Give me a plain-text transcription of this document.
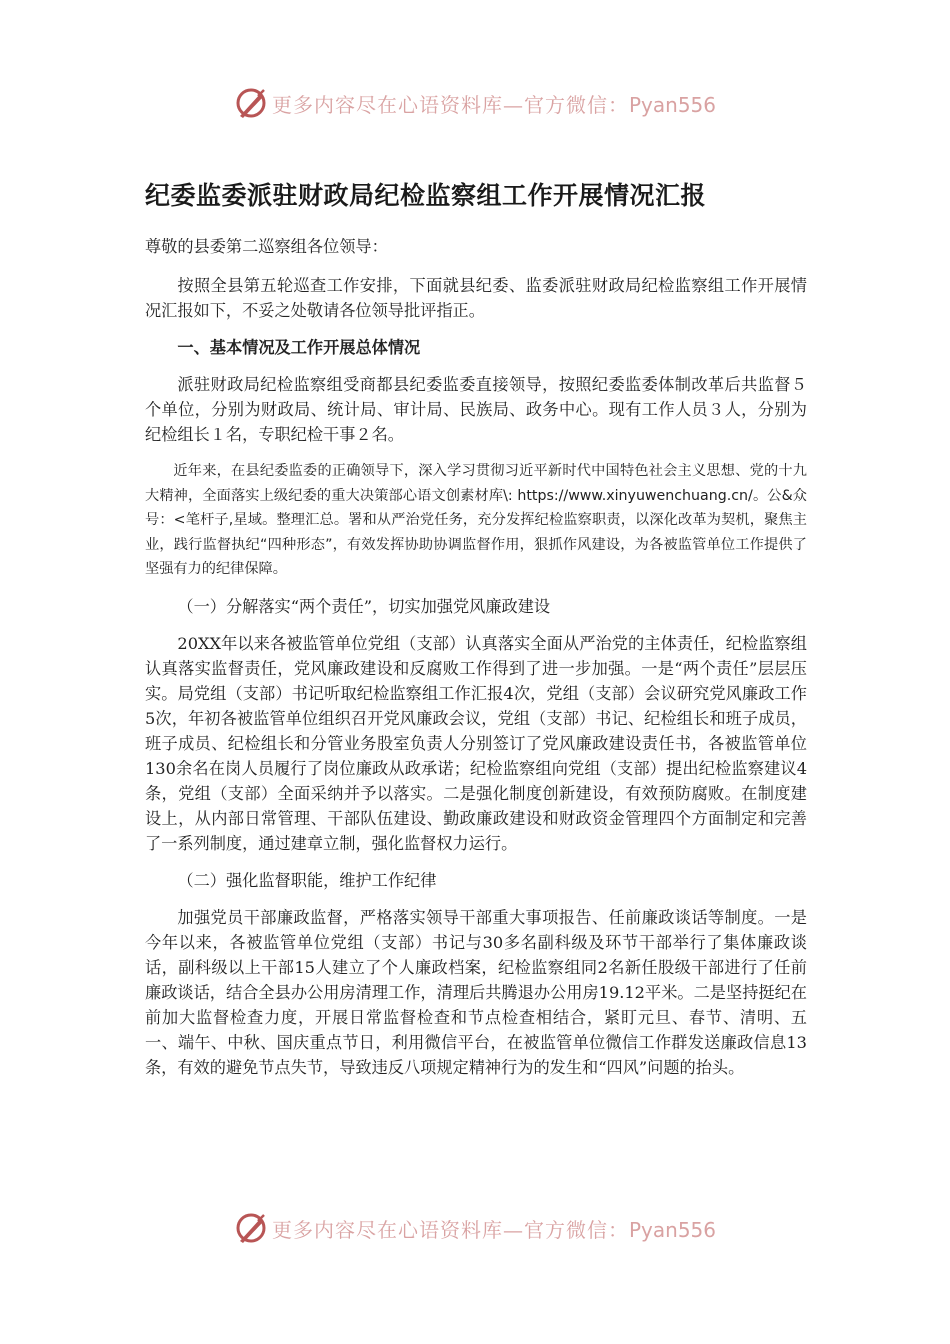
更多内容尽在心语资料库—官方微信：Pyan556
纪委监委派驻财政局纪检监察组工作开展情况汇报

尊敬的县委第二巡察组各位领导：

按照全县第五轮巡查工作安排，下面就县纪委、监委派驻财政局纪检监察组工作开展情况汇报如下，不妥之处敬请各位领导批评指正。

一、基本情况及工作开展总体情况

派驻财政局纪检监察组受商都县纪委监委直接领导，按照纪委监委体制改革后共监督５个单位，分别为财政局、统计局、审计局、民族局、政务中心。现有工作人员３人，分别为纪检组长１名，专职纪检干事２名。

近年来，在县纪委监委的正确领导下，深入学习贯彻习近平新时代中国特色社会主义思想、党的十九大精神，全面落实上级纪委的重大决策部心语文创素材库\: https://www.xinyuwenchuang.cn/。公&众号：<笔杆子,星域。整理汇总。署和从严治党任务，充分发挥纪检监察职责，以深化改革为契机，聚焦主业，践行监督执纪“四种形态”，有效发挥协助协调监督作用，狠抓作风建设，为各被监管单位工作提供了坚强有力的纪律保障。

（一）分解落实“两个责任”，切实加强党风廉政建设

20XX年以来各被监管单位党组（支部）认真落实全面从严治党的主体责任，纪检监察组认真落实监督责任，党风廉政建设和反腐败工作得到了进一步加强。一是“两个责任”层层压实。局党组（支部）书记听取纪检监察组工作汇报4次，党组（支部）会议研究党风廉政工作5次，年初各被监管单位组织召开党风廉政会议，党组（支部）书记、纪检组长和班子成员，班子成员、纪检组长和分管业务股室负责人分别签订了党风廉政建设责任书，各被监管单位130余名在岗人员履行了岗位廉政从政承诺；纪检监察组向党组（支部）提出纪检监察建议4条，党组（支部）全面采纳并予以落实。二是强化制度创新建设，有效预防腐败。在制度建设上，从内部日常管理、干部队伍建设、勤政廉政建设和财政资金管理四个方面制定和完善了一系列制度，通过建章立制，强化监督权力运行。

（二）强化监督职能，维护工作纪律

加强党员干部廉政监督，严格落实领导干部重大事项报告、任前廉政谈话等制度。一是今年以来，各被监管单位党组（支部）书记与30多名副科级及环节干部举行了集体廉政谈话，副科级以上干部15人建立了个人廉政档案，纪检监察组同2名新任股级干部进行了任前廉政谈话，结合全县办公用房清理工作，清理后共腾退办公用房19.12平米。二是坚持挺纪在前加大监督检查力度，开展日常监督检查和节点检查相结合，紧盯元旦、春节、清明、五一、端午、中秋、国庆重点节日，利用微信平台，在被监管单位微信工作群发送廉政信息13条，有效的避免节点失节，导致违反八项规定精神行为的发生和“四风”问题的抬头。

更多内容尽在心语资料库—官方微信：Pyan556
